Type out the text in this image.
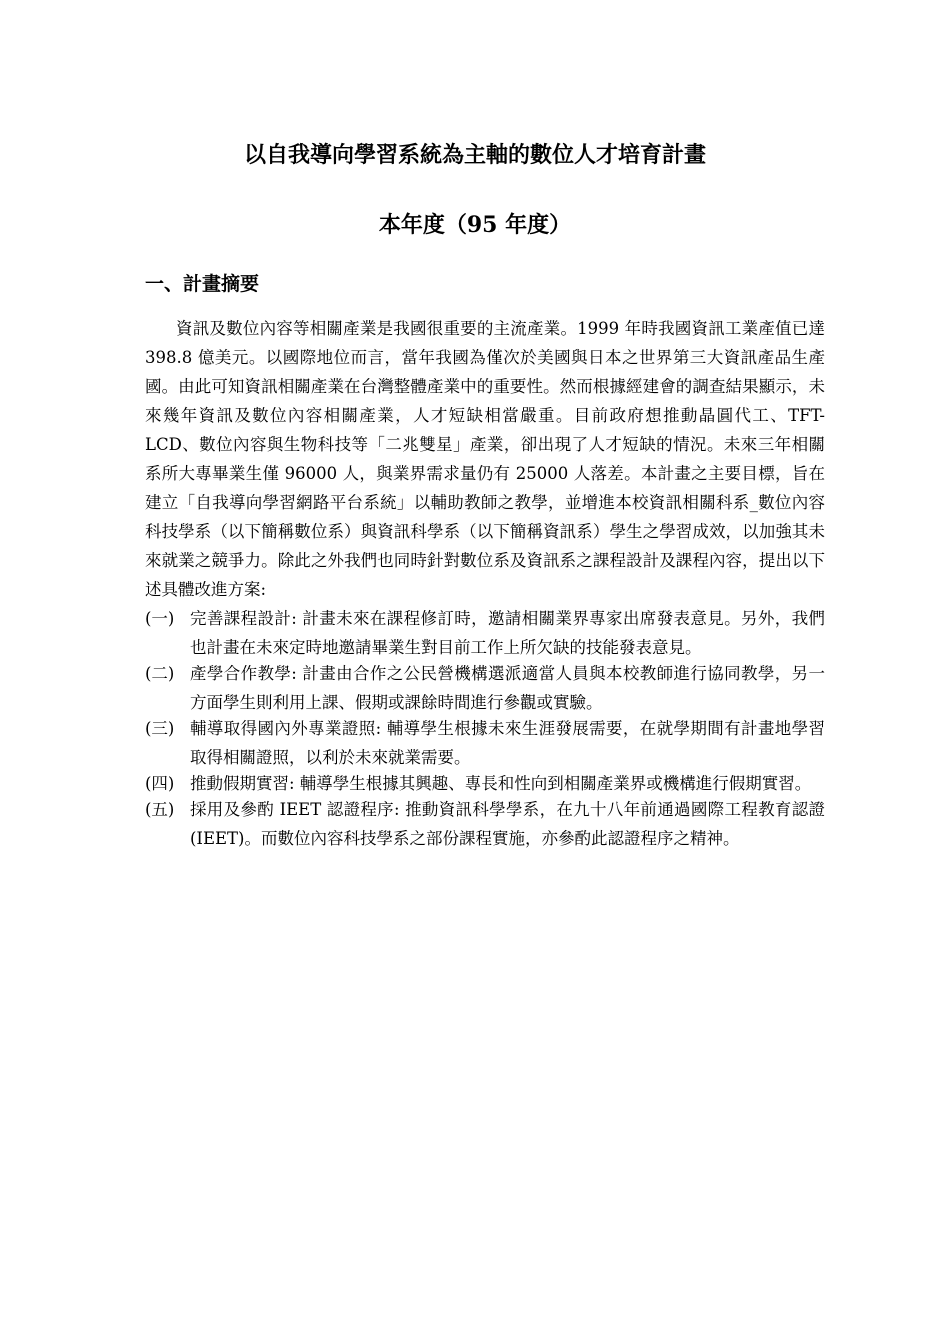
以自我導向學習系統為主軸的數位人才培育計畫
本年度（95 年度）
一、計畫摘要

資訊及數位內容等相關產業是我國很重要的主流產業。1999 年時我國資訊工業產值已達 398.8 億美元。以國際地位而言，當年我國為僅次於美國與日本之世界第三大資訊產品生產國。由此可知資訊相關產業在台灣整體產業中的重要性。然而根據經建會的調查結果顯示，未來幾年資訊及數位內容相關產業，人才短缺相當嚴重。目前政府想推動晶圓代工、TFT-LCD、數位內容與生物科技等「二兆雙星」產業，卻出現了人才短缺的情況。未來三年相關系所大專畢業生僅 96000 人，與業界需求量仍有 25000 人落差。本計畫之主要目標，旨在建立「自我導向學習網路平台系統」以輔助教師之教學，並增進本校資訊相關科系_數位內容科技學系（以下簡稱數位系）與資訊科學系（以下簡稱資訊系）學生之學習成效，以加強其未來就業之競爭力。除此之外我們也同時針對數位系及資訊系之課程設計及課程內容，提出以下述具體改進方案:

(一) 完善課程設計: 計畫未來在課程修訂時，邀請相關業界專家出席發表意見。另外，我們也計畫在未來定時地邀請畢業生對目前工作上所欠缺的技能發表意見。
(二) 產學合作教學: 計畫由合作之公民營機構選派適當人員與本校教師進行協同教學，另一方面學生則利用上課、假期或課餘時間進行參觀或實驗。
(三) 輔導取得國內外專業證照: 輔導學生根據未來生涯發展需要，在就學期間有計畫地學習取得相關證照，以利於未來就業需要。
(四) 推動假期實習: 輔導學生根據其興趣、專長和性向到相關產業界或機構進行假期實習。
(五) 採用及參酌 IEET 認證程序: 推動資訊科學學系，在九十八年前通過國際工程教育認證(IEET)。而數位內容科技學系之部份課程實施，亦參酌此認證程序之精神。
